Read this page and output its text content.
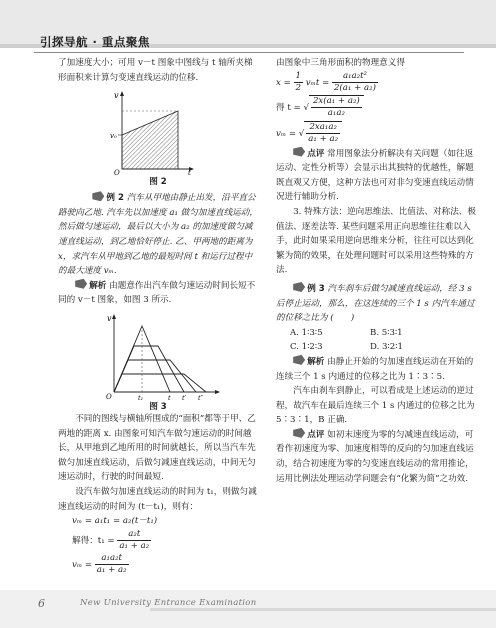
引探导航 · 重点聚焦

了加速度大小；可用 v－t 图象中图线与 t 轴所夹梯形面积来计算匀变速直线运动的位移.

v
v₀
O	t
图 2

例 2 汽车从甲地由静止出发，沿平直公路驶向乙地. 汽车先以加速度 a₁ 做匀加速直线运动，然后做匀速运动，最后以大小为 a₂ 的加速度做匀减速直线运动，到乙地恰好停止. 乙、甲两地的距离为 x，求汽车从甲地到乙地的最短时间 t 和运行过程中的最大速度 vₘ.

解析 由题意作出汽车做匀速运动时间长短不同的 v－t 图象，如图 3 所示.

v
O	t₁	t t′ t″
图 3

不同的图线与横轴所围成的“面积”都等于甲、乙两地的距离 x. 由图象可知汽车做匀速运动的时间越长，从甲地到乙地所用的时间就越长，所以当汽车先做匀加速直线运动，后做匀减速直线运动，中间无匀速运动时，行驶的时间最短.

设汽车做匀加速直线运动的时间为 t₁，则做匀减速直线运动的时间为 (t－t₁)，则有：

vₘ = a₁t₁ = a₂(t－t₁)

解得：$t_1 = \frac{\text{a₂t}}{\text{a₁ + a₂}}$

$v_m = \frac{\text{a₁a₂t}}{\text{a₁ + a₂}}$

由图象中三角形面积的物理意义得

$x = \frac{1}{2}$ $v_mt = \frac{\text{a₁a₂t²}}{\text{2(a₁ + a₂)}}$

得 t = √ $\frac{\text{2x(a₁ + a₂)}}{\text{a₁a₂}}$

vₘ = √ $\frac{\text{2xa₁a₂}}{\text{a₁ + a₂}}$

点评 常用图象法分析解决有关问题（如往返运动、定性分析等）会显示出其独特的优越性，解题既直观又方便，这种方法也可对非匀变速直线运动情况进行辅助分析.

3. 特殊方法：逆向思维法、比值法、对称法、极值法、逐差法等. 某些问题采用正向思维往往难以入手，此时如果采用逆向思维来分析，往往可以达到化繁为简的效果，在处理问题时可以采用这些特殊的方法.

例 3 汽车刹车后做匀减速直线运动，经 3 s 后停止运动，那么，在这连续的三个 1 s 内汽车通过的位移之比为 (　　)

A. 1∶3∶5	B. 5∶3∶1

C. 1∶2∶3	D. 3∶2∶1

解析 由静止开始的匀加速直线运动在开始的连续三个 1 s 内通过的位移之比为 1∶3∶5.

汽车由刹车到静止，可以看成是上述运动的逆过程，故汽车在最后连续三个 1 s 内通过的位移之比为 5∶3∶1，B 正确.

点评 如初末速度为零的匀减速直线运动，可看作初速度为零、加速度相等的反向的匀加速直线运动，结合初速度为零的匀变速直线运动的常用推论，运用比例法处理运动学问题会有“化繁为简”之功效.

6	New University Entrance Examination
